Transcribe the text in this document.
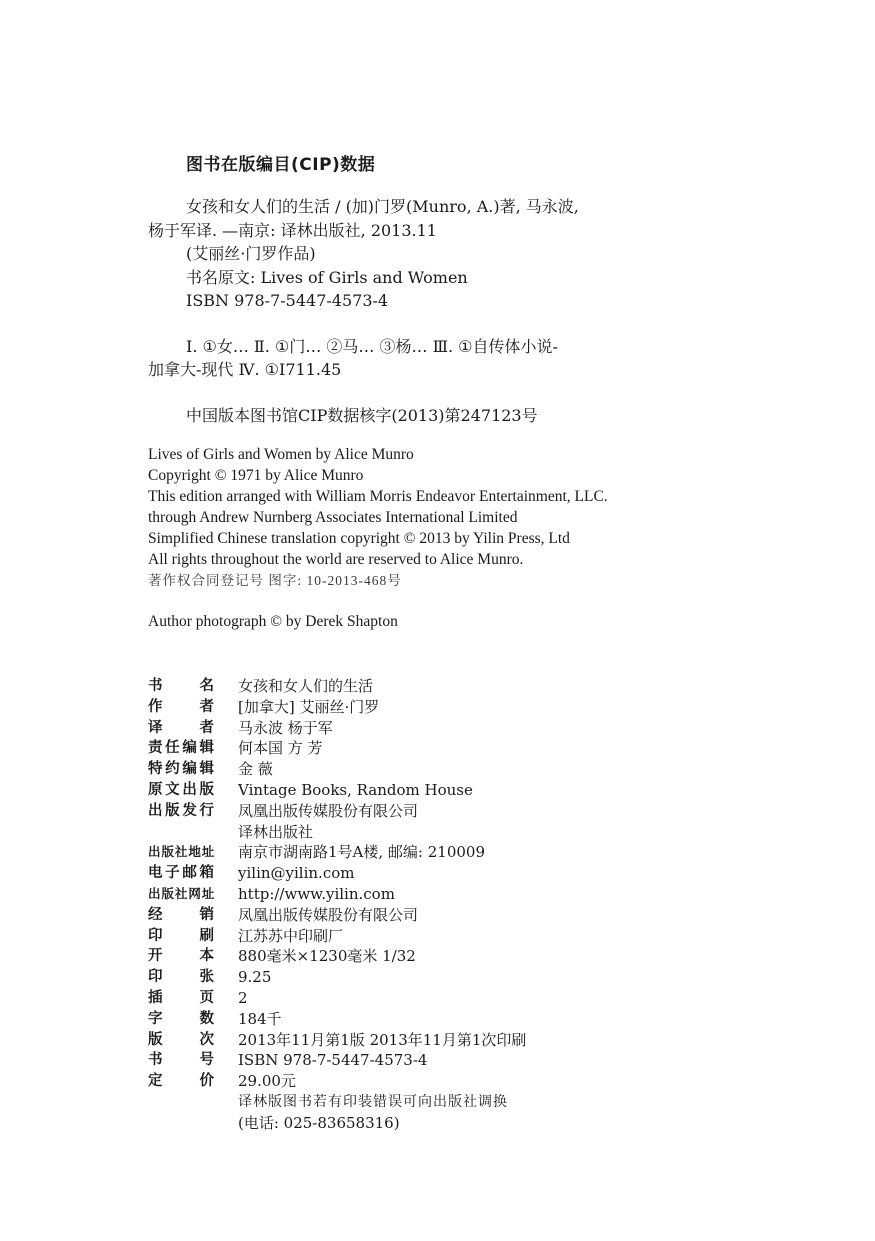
图书在版编目(CIP)数据
女孩和女人们的生活 / (加)门罗(Munro, A.)著, 马永波,
杨于军译. —南京: 译林出版社, 2013.11
(艾丽丝·门罗作品)
书名原文: Lives of Girls and Women
ISBN 978-7-5447-4573-4
Ⅰ. ①女… Ⅱ. ①门… ②马… ③杨… Ⅲ. ①自传体小说-
加拿大-现代 Ⅳ. ①I711.45
中国版本图书馆CIP数据核字(2013)第247123号
Lives of Girls and Women by Alice Munro
Copyright © 1971 by Alice Munro
This edition arranged with William Morris Endeavor Entertainment, LLC.
through Andrew Nurnberg Associates International Limited
Simplified Chinese translation copyright © 2013 by Yilin Press, Ltd
All rights throughout the world are reserved to Alice Munro.
著作权合同登记号 图字: 10-2013-468号
Author photograph © by Derek Shapton
书名 女孩和女人们的生活
作者 [加拿大] 艾丽丝·门罗
译者 马永波 杨于军
责任编辑 何本国 方 芳
特约编辑 金 薇
原文出版 Vintage Books, Random House
出版发行 凤凰出版传媒股份有限公司
译林出版社
出版社地址 南京市湖南路1号A楼, 邮编: 210009
电子邮箱 yilin@yilin.com
出版社网址 http://www.yilin.com
经销 凤凰出版传媒股份有限公司
印刷 江苏苏中印刷厂
开本 880毫米×1230毫米 1/32
印张 9.25
插页 2
字数 184千
版次 2013年11月第1版 2013年11月第1次印刷
书号 ISBN 978-7-5447-4573-4
定价 29.00元
译林版图书若有印装错误可向出版社调换
(电话: 025-83658316)
